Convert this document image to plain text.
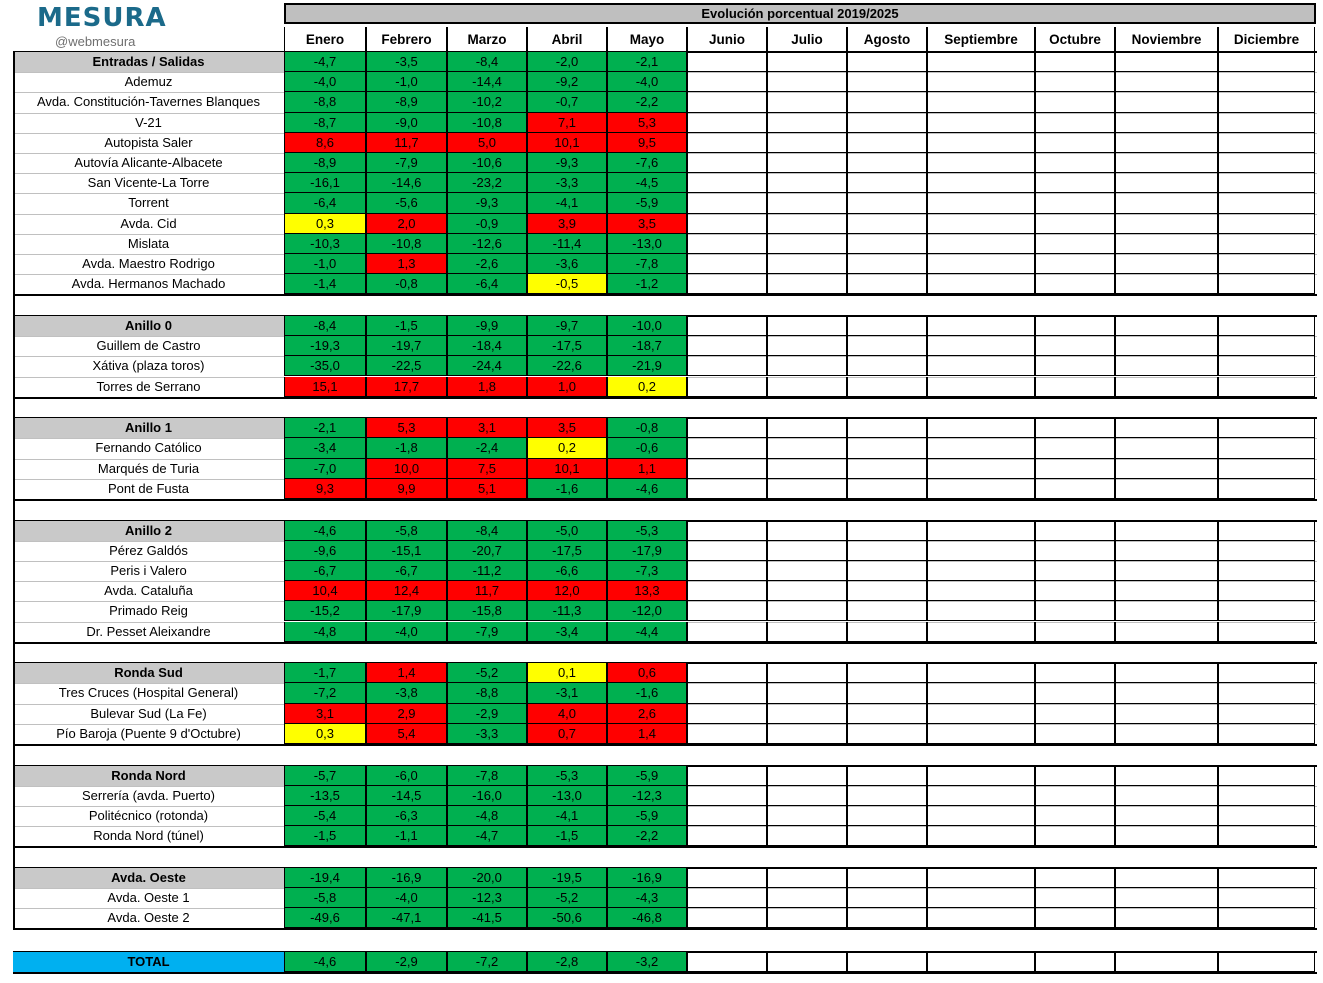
MESURA
@webmesura
Evolución porcentual 2019/2025
Enero	Febrero	Marzo	Abril	Mayo	Junio	Julio	Agosto	Septiembre	Octubre	Noviembre	Diciembre
Entradas / Salidas	-4,7	-3,5	-8,4	-2,0	-2,1
Ademuz	-4,0	-1,0	-14,4	-9,2	-4,0
Avda. Constitución-Tavernes Blanques	-8,8	-8,9	-10,2	-0,7	-2,2
V-21	-8,7	-9,0	-10,8	7,1	5,3
Autopista Saler	8,6	11,7	5,0	10,1	9,5
Autovía Alicante-Albacete	-8,9	-7,9	-10,6	-9,3	-7,6
San Vicente-La Torre	-16,1	-14,6	-23,2	-3,3	-4,5
Torrent	-6,4	-5,6	-9,3	-4,1	-5,9
Avda. Cid	0,3	2,0	-0,9	3,9	3,5
Mislata	-10,3	-10,8	-12,6	-11,4	-13,0
Avda. Maestro Rodrigo	-1,0	1,3	-2,6	-3,6	-7,8
Avda. Hermanos Machado	-1,4	-0,8	-6,4	-0,5	-1,2
Anillo 0	-8,4	-1,5	-9,9	-9,7	-10,0
Guillem de Castro	-19,3	-19,7	-18,4	-17,5	-18,7
Xátiva (plaza toros)	-35,0	-22,5	-24,4	-22,6	-21,9
Torres de Serrano	15,1	17,7	1,8	1,0	0,2
Anillo 1	-2,1	5,3	3,1	3,5	-0,8
Fernando Católico	-3,4	-1,8	-2,4	0,2	-0,6
Marqués de Turia	-7,0	10,0	7,5	10,1	1,1
Pont de Fusta	9,3	9,9	5,1	-1,6	-4,6
Anillo 2	-4,6	-5,8	-8,4	-5,0	-5,3
Pérez Galdós	-9,6	-15,1	-20,7	-17,5	-17,9
Peris i Valero	-6,7	-6,7	-11,2	-6,6	-7,3
Avda. Cataluña	10,4	12,4	11,7	12,0	13,3
Primado Reig	-15,2	-17,9	-15,8	-11,3	-12,0
Dr. Pesset Aleixandre	-4,8	-4,0	-7,9	-3,4	-4,4
Ronda Sud	-1,7	1,4	-5,2	0,1	0,6
Tres Cruces (Hospital General)	-7,2	-3,8	-8,8	-3,1	-1,6
Bulevar Sud (La Fe)	3,1	2,9	-2,9	4,0	2,6
Pío Baroja (Puente 9 d'Octubre)	0,3	5,4	-3,3	0,7	1,4
Ronda Nord	-5,7	-6,0	-7,8	-5,3	-5,9
Serrería (avda. Puerto)	-13,5	-14,5	-16,0	-13,0	-12,3
Politécnico (rotonda)	-5,4	-6,3	-4,8	-4,1	-5,9
Ronda Nord (túnel)	-1,5	-1,1	-4,7	-1,5	-2,2
Avda. Oeste	-19,4	-16,9	-20,0	-19,5	-16,9
Avda. Oeste 1	-5,8	-4,0	-12,3	-5,2	-4,3
Avda. Oeste 2	-49,6	-47,1	-41,5	-50,6	-46,8
TOTAL	-4,6	-2,9	-7,2	-2,8	-3,2
